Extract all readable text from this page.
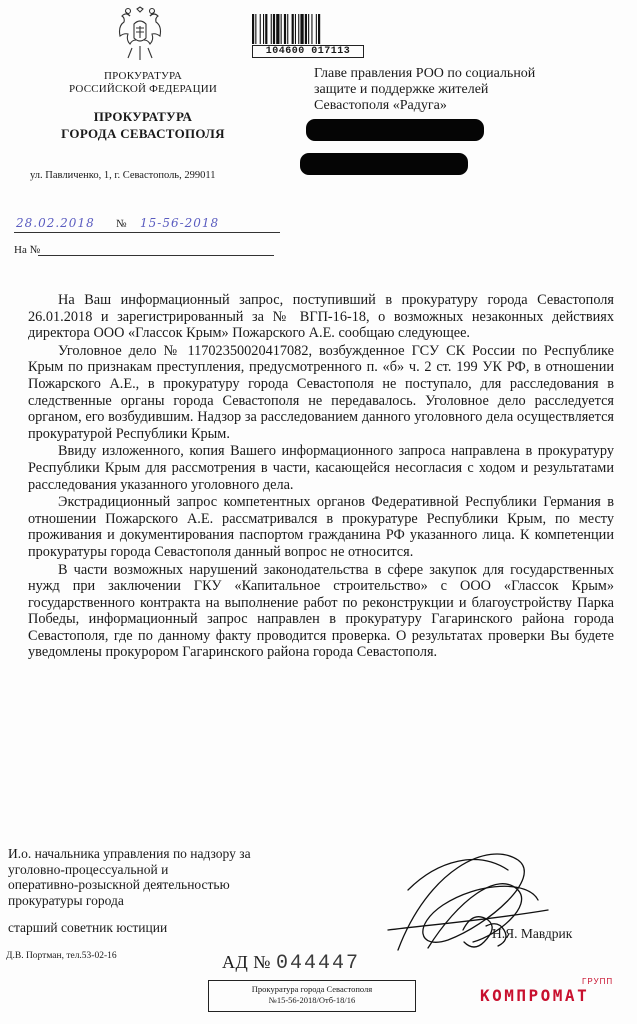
ПРОКУРАТУРА
РОССИЙСКОЙ ФЕДЕРАЦИИ
ПРОКУРАТУРА
ГОРОДА СЕВАСТОПОЛЯ
ул. Павличенко, 1, г. Севастополь, 299011
28.02.2018 № 15-56-2018
На №
104600 017113
Главе правления РОО по социальной
защите и поддержке жителей
Севастополя «Радуга»

На Ваш информационный запрос, поступивший в прокуратуру города Севастополя 26.01.2018 и зарегистрированный за № ВГП-16-18, о возможных незаконных действиях директора ООО «Глассок Крым» Пожарского А.Е. сообщаю следующее.

Уголовное дело № 11702350020417082, возбужденное ГСУ СК России по Республике Крым по признакам преступления, предусмотренного п. «б» ч. 2 ст. 199 УК РФ, в отношении Пожарского А.Е., в прокуратуру города Севастополя не поступало, для расследования в следственные органы города Севастополя не передавалось. Уголовное дело расследуется органом, его возбудившим. Надзор за расследованием данного уголовного дела осуществляется прокуратурой Республики Крым.

Ввиду изложенного, копия Вашего информационного запроса направлена в прокуратуру Республики Крым для рассмотрения в части, касающейся несогласия с ходом и результатами расследования указанного уголовного дела.

Экстрадиционный запрос компетентных органов Федеративной Республики Германия в отношении Пожарского А.Е. рассматривался в прокуратуре Республики Крым, по месту проживания и документирования паспортом гражданина РФ указанного лица. К компетенции прокуратуры города Севастополя данный вопрос не относится.

В части возможных нарушений законодательства в сфере закупок для государственных нужд при заключении ГКУ «Капитальное строительство» с ООО «Глассок Крым» государственного контракта на выполнение работ по реконструкции и благоустройству Парка Победы, информационный запрос направлен в прокуратуру Гагаринского района города Севастополя, где по данному факту проводится проверка. О результатах проверки Вы будете уведомлены прокурором Гагаринского района города Севастополя.

И.о. начальника управления по надзору за
уголовно-процессуальной и
оперативно-розыскной деятельностью
прокуратуры города
старший советник юстиции	Н.Я. Мавдрик
Д.В. Портман, тел.53-02-16	АД № 044447
Прокуратура города Севастополя
№15-56-2018/Отб-18/16
ГРУПП
КОМПРОМАТ
